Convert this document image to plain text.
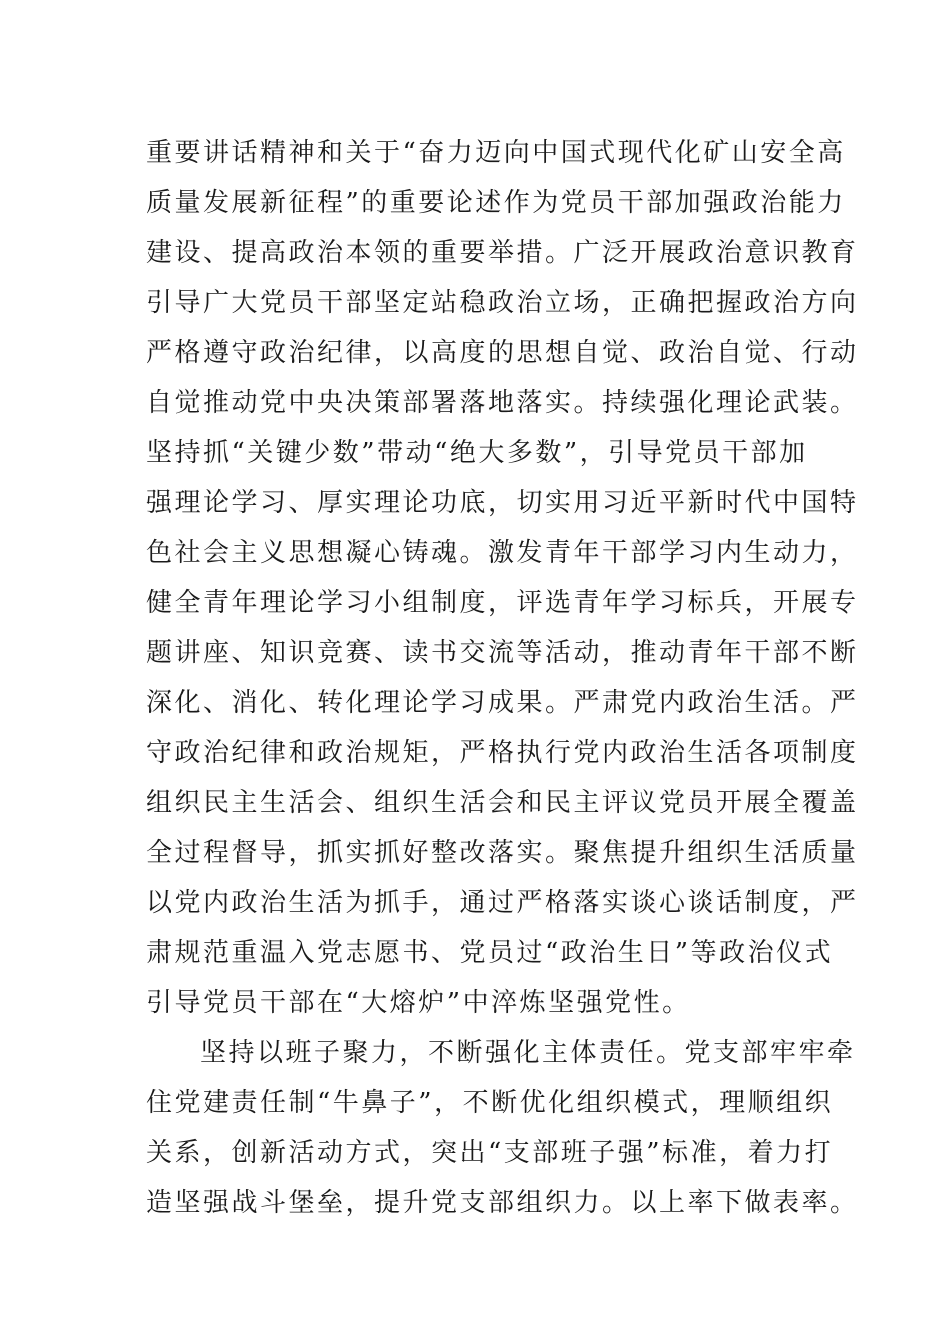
重要讲话精神和关于“奋力迈向中国式现代化矿山安全高
质量发展新征程”的重要论述作为党员干部加强政治能力
建设、提高政治本领的重要举措。广泛开展政治意识教育
引导广大党员干部坚定站稳政治立场，正确把握政治方向
严格遵守政治纪律，以高度的思想自觉、政治自觉、行动
自觉推动党中央决策部署落地落实。持续强化理论武装。
坚持抓“关键少数”带动“绝大多数”，引导党员干部加
强理论学习、厚实理论功底，切实用习近平新时代中国特
色社会主义思想凝心铸魂。激发青年干部学习内生动力，
健全青年理论学习小组制度，评选青年学习标兵，开展专
题讲座、知识竞赛、读书交流等活动，推动青年干部不断
深化、消化、转化理论学习成果。严肃党内政治生活。严
守政治纪律和政治规矩，严格执行党内政治生活各项制度
组织民主生活会、组织生活会和民主评议党员开展全覆盖
全过程督导，抓实抓好整改落实。聚焦提升组织生活质量
以党内政治生活为抓手，通过严格落实谈心谈话制度，严
肃规范重温入党志愿书、党员过“政治生日”等政治仪式
引导党员干部在“大熔炉”中淬炼坚强党性。
坚持以班子聚力，不断强化主体责任。党支部牢牢牵
住党建责任制“牛鼻子”，不断优化组织模式，理顺组织
关系，创新活动方式，突出“支部班子强”标准，着力打
造坚强战斗堡垒，提升党支部组织力。以上率下做表率。
